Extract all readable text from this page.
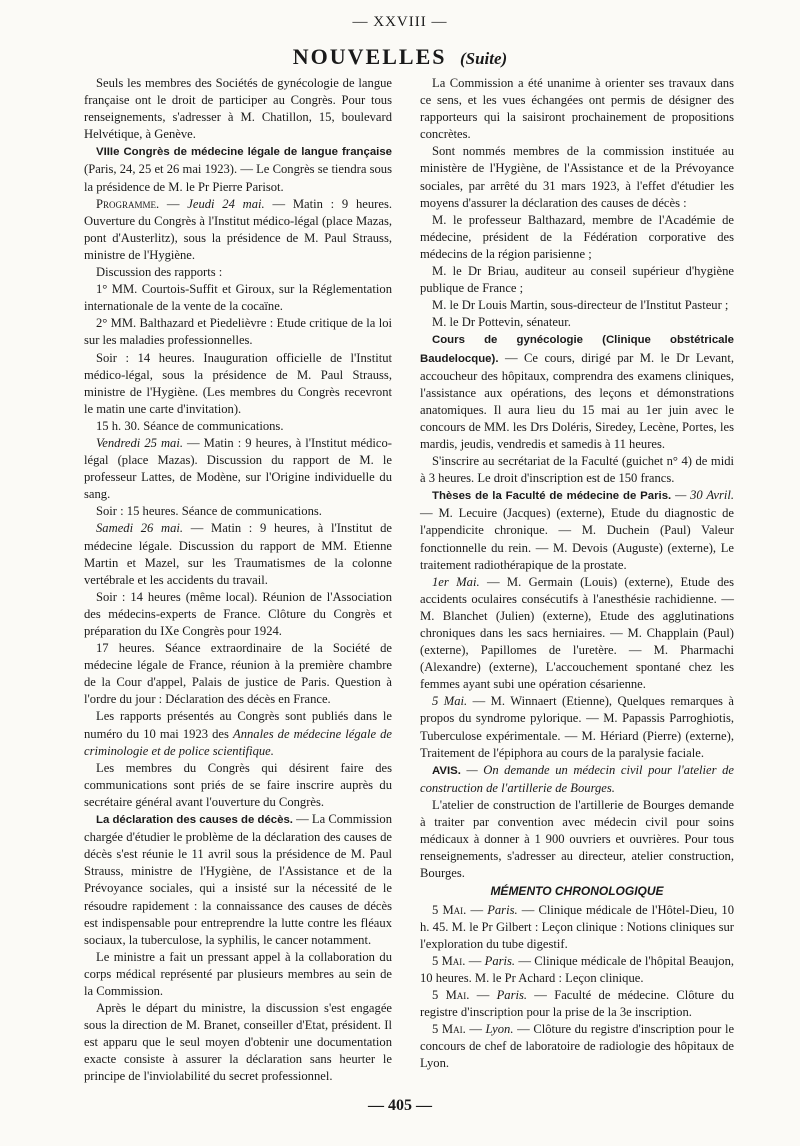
— XXVIII —
NOUVELLES (Suite)

Seuls les membres des Sociétés de gynécologie de langue française ont le droit de participer au Congrès. Pour tous renseignements, s'adresser à M. Chatillon, 15, boulevard Helvétique, à Genève.

VIIIe Congrès de médecine légale de langue française (Paris, 24, 25 et 26 mai 1923). — Le Congrès se tiendra sous la présidence de M. le Pr Pierre Parisot.

Programme. — Jeudi 24 mai. — Matin : 9 heures. Ouverture du Congrès à l'Institut médico-légal (place Mazas, pont d'Austerlitz), sous la présidence de M. Paul Strauss, ministre de l'Hygiène.

Discussion des rapports :

1° MM. Courtois-Suffit et Giroux, sur la Réglementation internationale de la vente de la cocaïne.

2° MM. Balthazard et Piedelièvre : Etude critique de la loi sur les maladies professionnelles.

Soir : 14 heures. Inauguration officielle de l'Institut médico-légal, sous la présidence de M. Paul Strauss, ministre de l'Hygiène. (Les membres du Congrès recevront le matin une carte d'invitation).

15 h. 30. Séance de communications.

Vendredi 25 mai. — Matin : 9 heures, à l'Institut médico-légal (place Mazas). Discussion du rapport de M. le professeur Lattes, de Modène, sur l'Origine individuelle du sang.

Soir : 15 heures. Séance de communications.

Samedi 26 mai. — Matin : 9 heures, à l'Institut de médecine légale. Discussion du rapport de MM. Etienne Martin et Mazel, sur les Traumatismes de la colonne vertébrale et les accidents du travail.

Soir : 14 heures (même local). Réunion de l'Association des médecins-experts de France. Clôture du Congrès et préparation du IXe Congrès pour 1924.

17 heures. Séance extraordinaire de la Société de médecine légale de France, réunion à la première chambre de la Cour d'appel, Palais de justice de Paris. Question à l'ordre du jour : Déclaration des décès en France.

Les rapports présentés au Congrès sont publiés dans le numéro du 10 mai 1923 des Annales de médecine légale de criminologie et de police scientifique.

Les membres du Congrès qui désirent faire des communications sont priés de se faire inscrire auprès du secrétaire général avant l'ouverture du Congrès.

La déclaration des causes de décès. — La Commission chargée d'étudier le problème de la déclaration des causes de décès s'est réunie le 11 avril sous la présidence de M. Paul Strauss, ministre de l'Hygiène, de l'Assistance et de la Prévoyance sociales, qui a insisté sur la nécessité de le résoudre rapidement : la connaissance des causes de décès est indispensable pour entreprendre la lutte contre les fléaux sociaux, la tuberculose, la syphilis, le cancer notamment.

Le ministre a fait un pressant appel à la collaboration du corps médical représenté par plusieurs membres au sein de la Commission.

Après le départ du ministre, la discussion s'est engagée sous la direction de M. Branet, conseiller d'Etat, président. Il est apparu que le seul moyen d'obtenir une documentation exacte consiste à assurer la déclaration sans heurter le principe de l'inviolabilité du secret professionnel.

La Commission a été unanime à orienter ses travaux dans ce sens, et les vues échangées ont permis de désigner des rapporteurs qui la saisiront prochainement de propositions concrètes.

Sont nommés membres de la commission instituée au ministère de l'Hygiène, de l'Assistance et de la Prévoyance sociales, par arrêté du 31 mars 1923, à l'effet d'étudier les moyens d'assurer la déclaration des causes de décès :

M. le professeur Balthazard, membre de l'Académie de médecine, président de la Fédération corporative des médecins de la région parisienne ;

M. le Dr Briau, auditeur au conseil supérieur d'hygiène publique de France ;

M. le Dr Louis Martin, sous-directeur de l'Institut Pasteur ;

M. le Dr Pottevin, sénateur.

Cours de gynécologie (Clinique obstétricale Baudelocque). — Ce cours, dirigé par M. le Dr Levant, accoucheur des hôpitaux, comprendra des examens cliniques, l'assistance aux opérations, des leçons et démonstrations anatomiques. Il aura lieu du 15 mai au 1er juin avec le concours de MM. les Drs Doléris, Siredey, Lecène, Portes, les mardis, jeudis, vendredis et samedis à 11 heures.

S'inscrire au secrétariat de la Faculté (guichet n° 4) de midi à 3 heures. Le droit d'inscription est de 150 francs.

Thèses de la Faculté de médecine de Paris. — 30 Avril. — M. Lecuire (Jacques) (externe), Etude du diagnostic de l'appendicite chronique. — M. Duchein (Paul) Valeur fonctionnelle du rein. — M. Devois (Auguste) (externe), Le traitement radiothérapique de la prostate.

1er Mai. — M. Germain (Louis) (externe), Etude des accidents oculaires consécutifs à l'anesthésie rachidienne. — M. Blanchet (Julien) (externe), Etude des agglutinations chroniques dans les sacs herniaires. — M. Chapplain (Paul) (externe), Papillomes de l'uretère. — M. Pharmachi (Alexandre) (externe), L'accouchement spontané chez les femmes ayant subi une opération césarienne.

5 Mai. — M. Winnaert (Etienne), Quelques remarques à propos du syndrome pylorique. — M. Papassis Parroghiotis, Tuberculose expérimentale. — M. Hériard (Pierre) (externe), Traitement de l'épiphora au cours de la paralysie faciale.

AVIS. — On demande un médecin civil pour l'atelier de construction de l'artillerie de Bourges.

L'atelier de construction de l'artillerie de Bourges demande à traiter par convention avec médecin civil pour soins médicaux à donner à 1 900 ouvriers et ouvrières. Pour tous renseignements, s'adresser au directeur, atelier construction, Bourges.

MÉMENTO CHRONOLOGIQUE

5 Mai. — Paris. — Clinique médicale de l'Hôtel-Dieu, 10 h. 45. M. le Pr Gilbert : Leçon clinique : Notions cliniques sur l'exploration du tube digestif.

5 Mai. — Paris. — Clinique médicale de l'hôpital Beaujon, 10 heures. M. le Pr Achard : Leçon clinique.

5 Mai. — Paris. — Faculté de médecine. Clôture du registre d'inscription pour la prise de la 3e inscription.

5 Mai. — Lyon. — Clôture du registre d'inscription pour le concours de chef de laboratoire de radiologie des hôpitaux de Lyon.

— 405 —
